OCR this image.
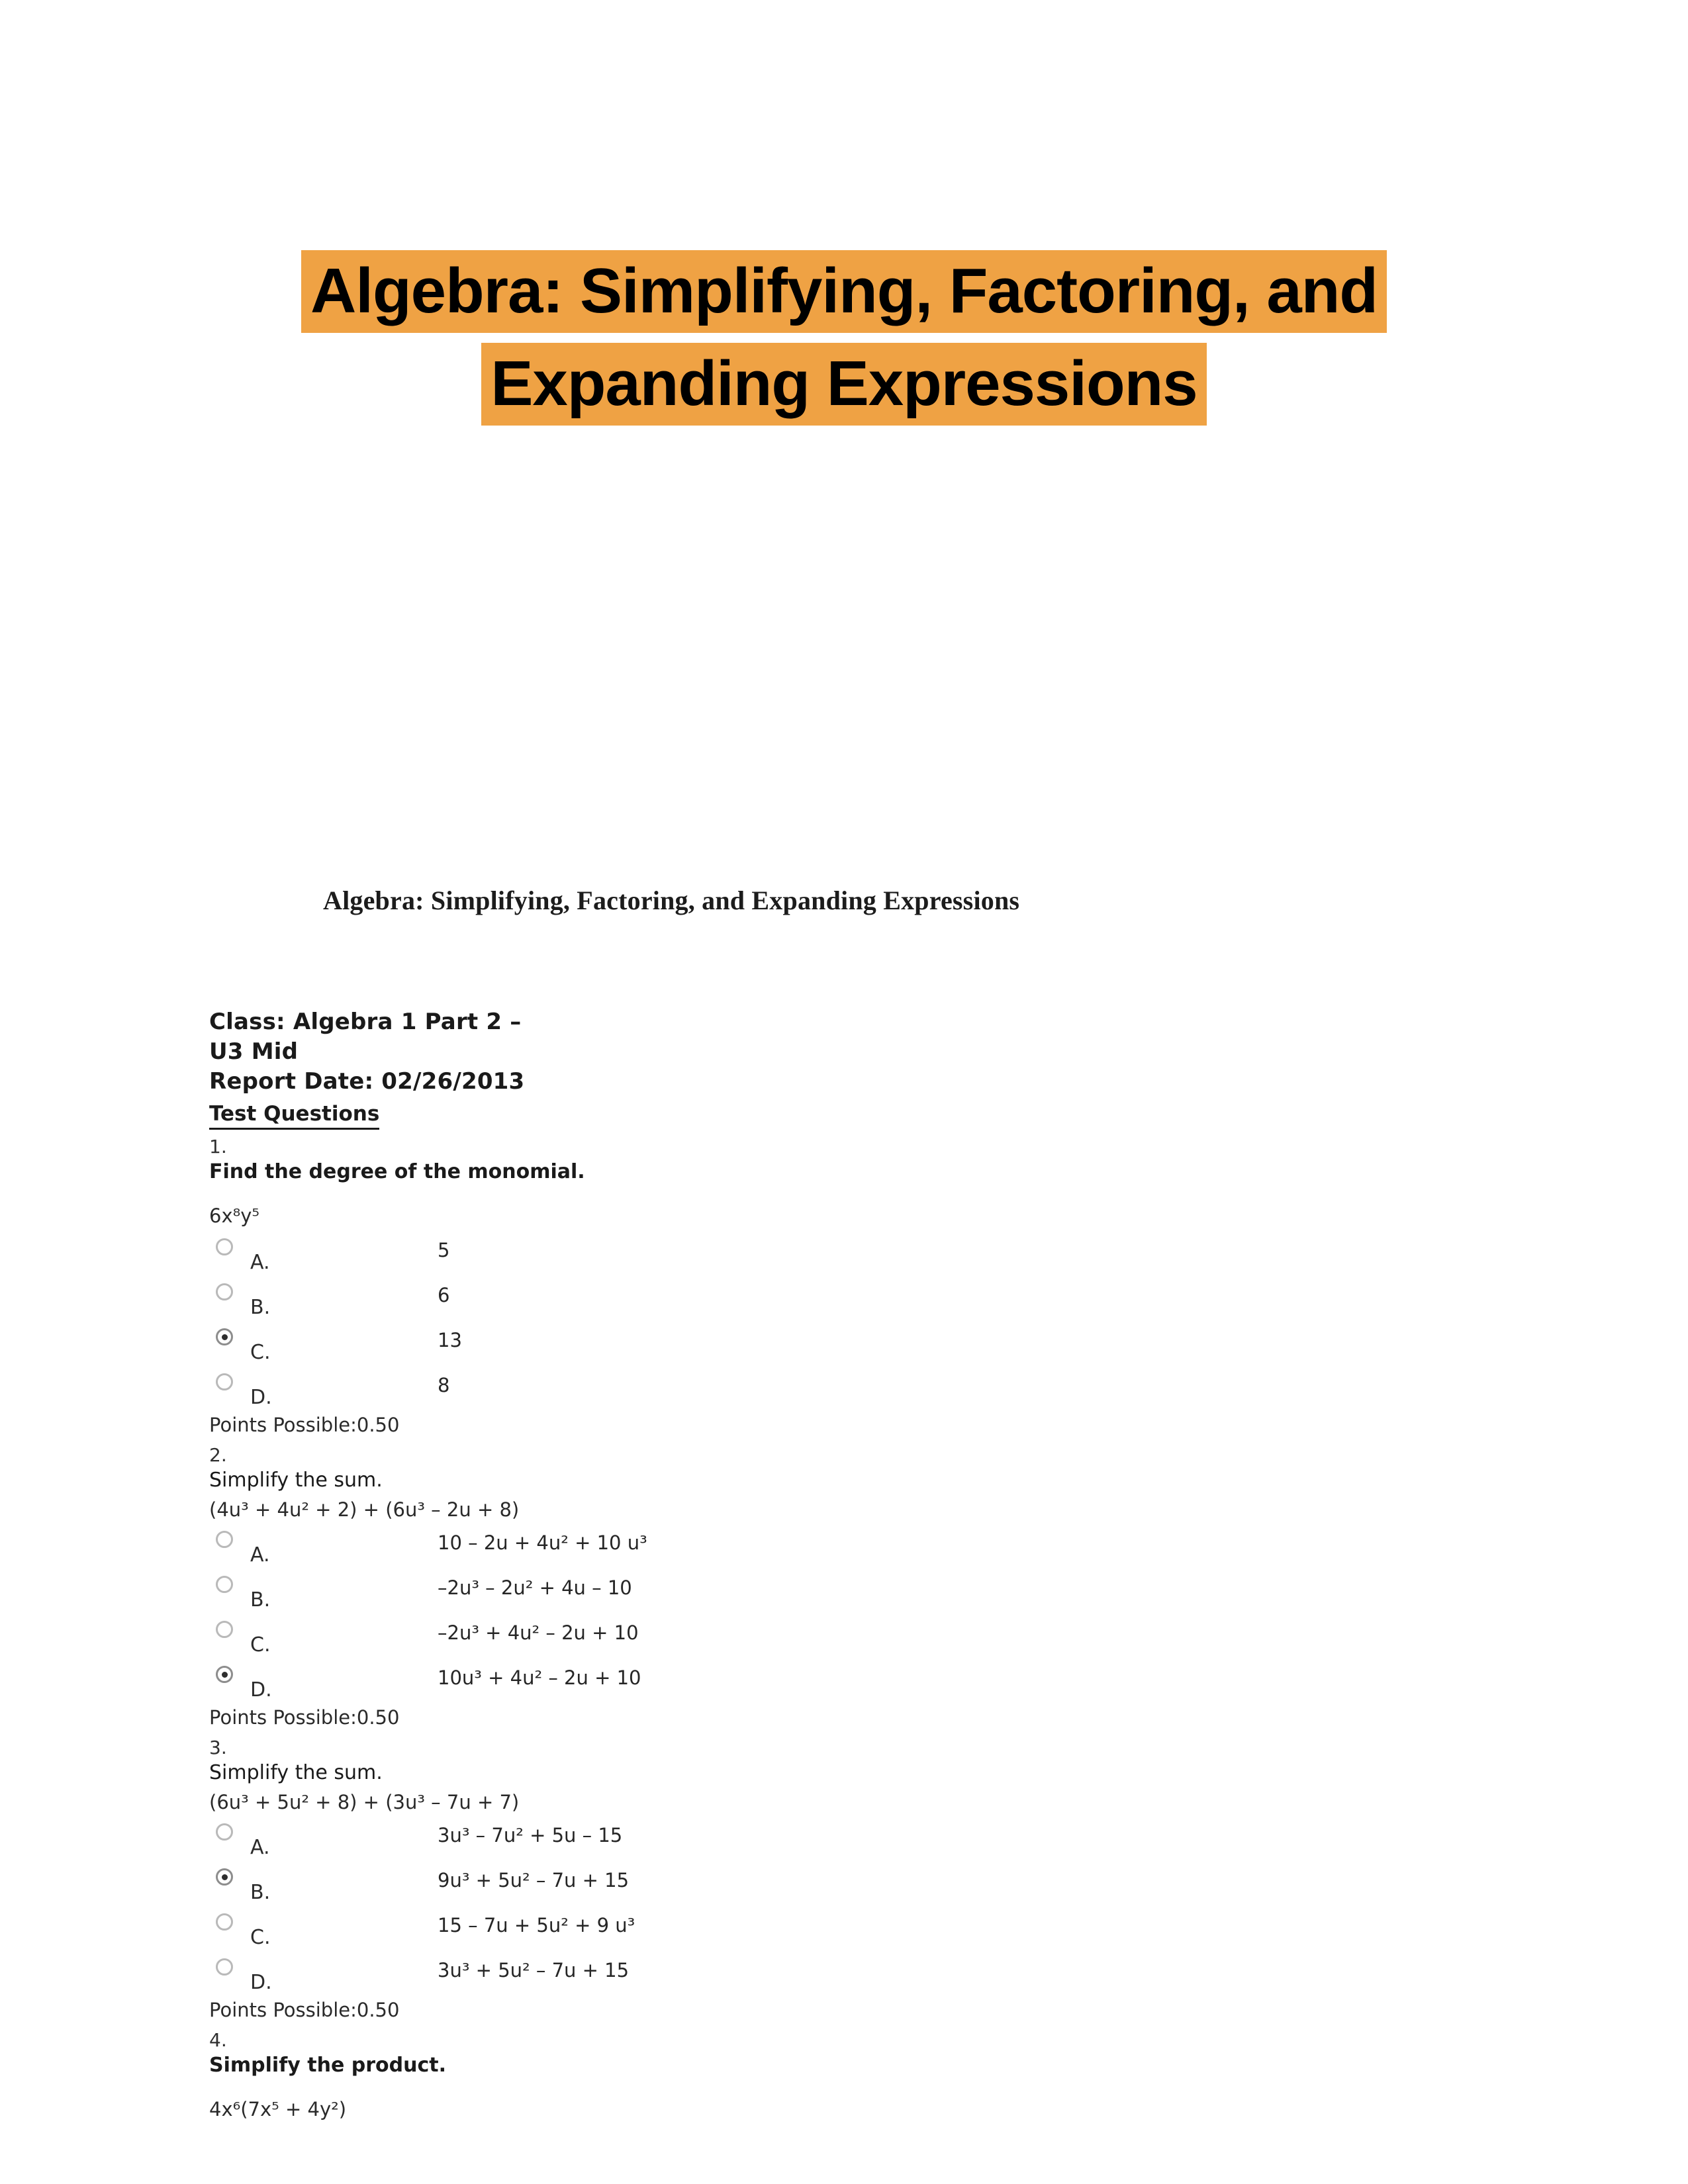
Algebra: Simplifying, Factoring, and
Expanding Expressions
Algebra: Simplifying, Factoring, and Expanding Expressions
Class: Algebra 1 Part 2 –
U3 Mid
Report Date: 02/26/2013
Test Questions
1.
Find the degree of the monomial.
6x⁸y⁵
A.
5
B.
6
C.
13
D.
8
Points Possible:0.50
2.
Simplify the sum.
(4u³ + 4u² + 2) + (6u³ – 2u + 8)
A.
10 – 2u + 4u² + 10 u³
B.
–2u³ – 2u² + 4u – 10
C.
–2u³ + 4u² – 2u + 10
D.
10u³ + 4u² – 2u + 10
Points Possible:0.50
3.
Simplify the sum.
(6u³ + 5u² + 8) + (3u³ – 7u + 7)
A.
3u³ – 7u² + 5u – 15
B.
9u³ + 5u² – 7u + 15
C.
15 – 7u + 5u² + 9 u³
D.
3u³ + 5u² – 7u + 15
Points Possible:0.50
4.
Simplify the product.
4x⁶(7x⁵ + 4y²)
